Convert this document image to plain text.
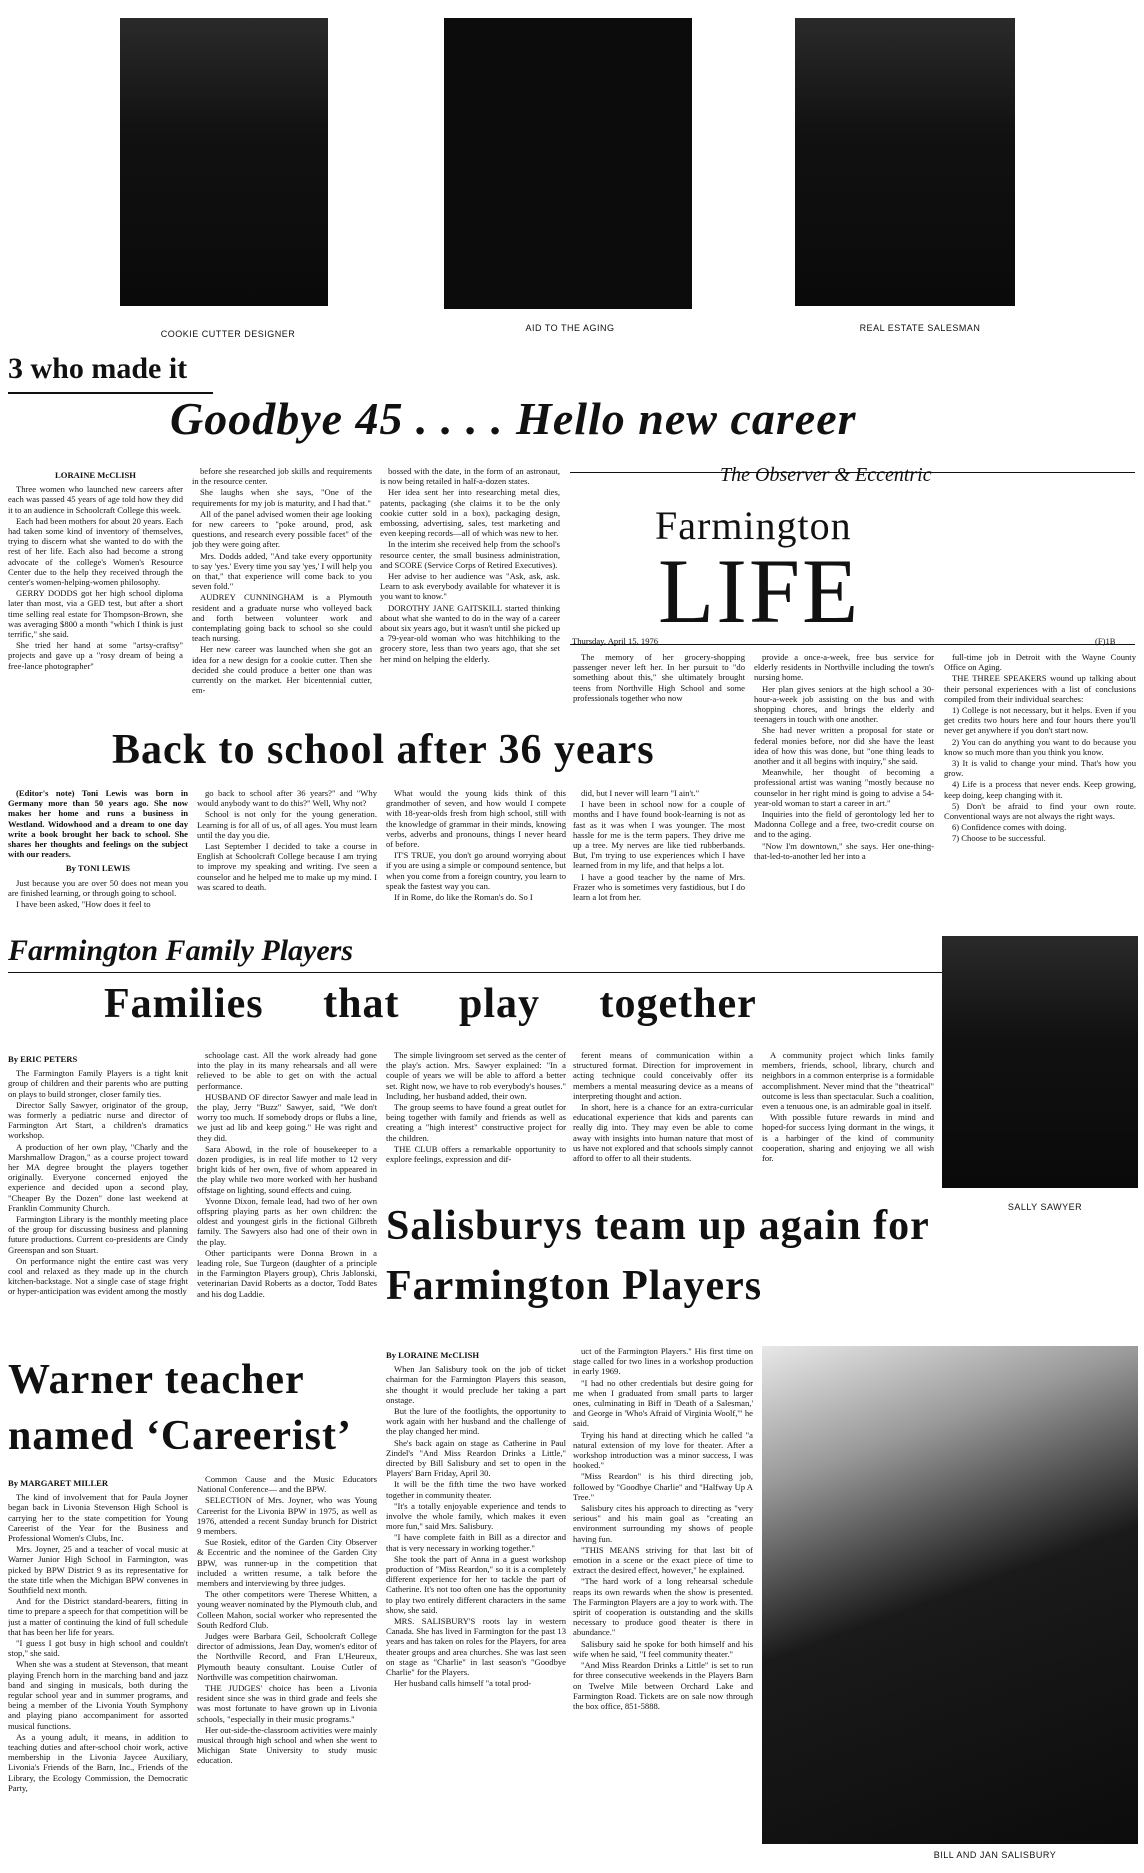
COOKIE CUTTER DESIGNER
AID TO THE AGING	REAL ESTATE SALESMAN
3 who made it
Goodbye 45 . . . . Hello new career
LORAINE McCLISH

Three women who launched new careers after each was passed 45 years of age told how they did it to an audience in Schoolcraft College this week.

Each had been mothers for about 20 years. Each had taken some kind of inventory of themselves, trying to discern what she wanted to do with the rest of her life. Each also had become a strong advocate of the college's Women's Resource Center due to the help they received through the center's women-helping-women philosophy.

GERRY DODDS got her high school diploma later than most, via a GED test, but after a short time selling real estate for Thompson-Brown, she was averaging $800 a month "which I think is just terrific," she said.

She tried her hand at some "artsy-craftsy" projects and gave up a "rosy dream of being a free-lance photographer"

before she researched job skills and requirements in the resource center.

She laughs when she says, "One of the requirements for my job is maturity, and I had that."

All of the panel advised women their age looking for new careers to "poke around, prod, ask questions, and research every possible facet" of the job they were going after.

Mrs. Dodds added, "And take every opportunity to say 'yes.' Every time you say 'yes,' I will help you on that," that experience will come back to you seven fold."

AUDREY CUNNINGHAM is a Plymouth resident and a graduate nurse who volleyed back and forth between volunteer work and contemplating going back to school so she could teach nursing.

Her new career was launched when she got an idea for a new design for a cookie cutter. Then she decided she could produce a better one than was currently on the market. Her bicentennial cutter, em-

bossed with the date, in the form of an astronaut, is now being retailed in half-a-dozen states.

Her idea sent her into researching metal dies, patents, packaging (she claims it to be the only cookie cutter sold in a box), packaging design, embossing, advertising, sales, test marketing and even keeping records—all of which was new to her.

In the interim she received help from the school's resource center, the small business administration, and SCORE (Service Corps of Retired Executives).

Her advise to her audience was "Ask, ask, ask. Learn to ask everybody available for whatever it is you want to know."

DOROTHY JANE GAITSKILL started thinking about what she wanted to do in the way of a career about six years ago, but it wasn't until she picked up a 79-year-old woman who was hitchhiking to the grocery store, less than two years ago, that she set her mind on helping the elderly.

The Observer & Eccentric
Farmington
LIFE
Thursday, April 15, 1976	(F)1B

The memory of her grocery-shopping passenger never left her. In her pursuit to "do something about this," she ultimately brought teens from Northville High School and some professionals together who now

provide a once-a-week, free bus service for elderly residents in Northville including the town's nursing home.

Her plan gives seniors at the high school a 30-hour-a-week job assisting on the bus and with shopping chores, and brings the elderly and teenagers in touch with one another.

She had never written a proposal for state or federal monies before, nor did she have the least idea of how this was done, but "one thing leads to another and it all begins with inquiry," she said.

Meanwhile, her thought of becoming a professional artist was waning "mostly because no counselor in her right mind is going to advise a 54-year-old woman to start a career in art."

Inquiries into the field of gerontology led her to Madonna College and a free, two-credit course on and to the aging.

"Now I'm downtown," she says. Her one-thing-that-led-to-another led her into a

full-time job in Detroit with the Wayne County Office on Aging.

THE THREE SPEAKERS wound up talking about their personal experiences with a list of conclusions compiled from their individual searches:

1) College is not necessary, but it helps. Even if you get credits two hours here and four hours there you'll never get anywhere if you don't start now.

2) You can do anything you want to do because you know so much more than you think you know.

3) It is valid to change your mind. That's how you grow.

4) Life is a process that never ends. Keep growing, keep doing, keep changing with it.

5) Don't be afraid to find your own route. Conventional ways are not always the right ways.

6) Confidence comes with doing.

7) Choose to be successful.

Back to school after 36 years

(Editor's note) Toni Lewis was born in Germany more than 50 years ago. She now makes her home and runs a business in Westland. Widowhood and a dream to one day write a book brought her back to school. She shares her thoughts and feelings on the subject with our readers.

By TONI LEWIS

Just because you are over 50 does not mean you are finished learning, or through going to school.

I have been asked, "How does it feel to

go back to school after 36 years?" and "Why would anybody want to do this?" Well, Why not?

School is not only for the young generation. Learning is for all of us, of all ages. You must learn until the day you die.

Last September I decided to take a course in English at Schoolcraft College because I am trying to improve my speaking and writing. I've seen a counselor and he helped me to make up my mind. I was scared to death.

What would the young kids think of this grandmother of seven, and how would I compete with 18-year-olds fresh from high school, still with the knowledge of grammar in their minds, knowing verbs, adverbs and pronouns, things I never heard of before.

IT'S TRUE, you don't go around worrying about if you are using a simple or compound sentence, but when you come from a foreign country, you learn to speak the fastest way you can.

If in Rome, do like the Roman's do. So I

did, but I never will learn "I ain't."

I have been in school now for a couple of months and I have found book-learning is not as fast as it was when I was younger. The most hassle for me is the term papers. They drive me up a tree. My nerves are like tied rubberbands. But, I'm trying to use experiences which I have learned from in my life, and that helps a lot.

I have a good teacher by the name of Mrs. Frazer who is sometimes very fastidious, but I do learn a lot from her.

Farmington Family Players
Families that play together
SALLY SAWYER
By ERIC PETERS

The Farmington Family Players is a tight knit group of children and their parents who are putting on plays to build stronger, closer family ties.

Director Sally Sawyer, originator of the group, was formerly a pediatric nurse and director of Farmington Art Start, a children's dramatics workshop.

A production of her own play, "Charly and the Marshmallow Dragon," as a course project toward her MA degree brought the players together originally. Everyone concerned enjoyed the experience and decided upon a second play, "Cheaper By the Dozen" done last weekend at Franklin Community Church.

Farmington Library is the monthly meeting place of the group for discussing business and planning future productions. Current co-presidents are Cindy Greenspan and son Stuart.

On performance night the entire cast was very cool and relaxed as they made up in the church kitchen-backstage. Not a single case of stage fright or hyper-anticipation was evident among the mostly

schoolage cast. All the work already had gone into the play in its many rehearsals and all were relieved to be able to get on with the actual performance.

HUSBAND OF director Sawyer and male lead in the play, Jerry "Buzz" Sawyer, said, "We don't worry too much. If somebody drops or flubs a line, we just ad lib and keep going." He was right and they did.

Sara Abowd, in the role of housekeeper to a dozen prodigies, is in real life mother to 12 very bright kids of her own, five of whom appeared in the play while two more worked with her husband offstage on lighting, sound effects and cuing.

Yvonne Dixon, female lead, had two of her own offspring playing parts as her own children: the oldest and youngest girls in the fictional Gilbreth family. The Sawyers also had one of their own in the play.

Other participants were Donna Brown in a leading role, Sue Turgeon (daughter of a principle in the Farmington Players group), Chris Jablonski, veterinarian David Roberts as a doctor, Todd Bates and his dog Laddie.

The simple livingroom set served as the center of the play's action. Mrs. Sawyer explained: "In a couple of years we will be able to afford a better set. Right now, we have to rob everybody's houses." Including, her husband added, their own.

The group seems to have found a great outlet for being together with family and friends as well as creating a "high interest" constructive project for the children.

THE CLUB offers a remarkable opportunity to explore feelings, expression and dif-

ferent means of communication within a structured format. Direction for improvement in acting technique could conceivably offer its members a mental measuring device as a means of interpreting thought and action.

In short, here is a chance for an extra-curricular educational experience that kids and parents can really dig into. They may even be able to come away with insights into human nature that most of us have not explored and that schools simply cannot afford to offer to all their students.

A community project which links family members, friends, school, library, church and neighbors in a common enterprise is a formidable accomplishment. Never mind that the "theatrical" outcome is less than spectacular. Such a coalition, even a tenuous one, is an admirable goal in itself.

With possible future rewards in mind and hoped-for success lying dormant in the wings, it is a harbinger of the kind of community cooperation, sharing and enjoying we all wish for.

Salisburys team up again for Farmington Players
By LORAINE McCLISH

When Jan Salisbury took on the job of ticket chairman for the Farmington Players this season, she thought it would preclude her taking a part onstage.

But the lure of the footlights, the opportunity to work again with her husband and the challenge of the play changed her mind.

She's back again on stage as Catherine in Paul Zindel's "And Miss Reardon Drinks a Little," directed by Bill Salisbury and set to open in the Players' Barn Friday, April 30.

It will be the fifth time the two have worked together in community theater.

"It's a totally enjoyable experience and tends to involve the whole family, which makes it even more fun," said Mrs. Salisbury.

"I have complete faith in Bill as a director and that is very necessary in working together."

She took the part of Anna in a guest workshop production of "Miss Reardon," so it is a completely different experience for her to tackle the part of Catherine. It's not too often one has the opportunity to play two entirely different characters in the same show, she said.

MRS. SALISBURY'S roots lay in western Canada. She has lived in Farmington for the past 13 years and has taken on roles for the Players, for area theater groups and area churches. She was last seen on stage as "Charlie" in last season's "Goodbye Charlie" for the Players.

Her husband calls himself "a total prod-

uct of the Farmington Players." His first time on stage called for two lines in a workshop production in early 1969.

"I had no other credentials but desire going for me when I graduated from small parts to larger ones, culminating in Biff in 'Death of a Salesman,' and George in 'Who's Afraid of Virginia Woolf,'" he said.

Trying his hand at directing which he called "a natural extension of my love for theater. After a workshop introduction was a minor success, I was hooked."

"Miss Reardon" is his third directing job, followed by "Goodbye Charlie" and "Halfway Up A Tree."

Salisbury cites his approach to directing as "very serious" and his main goal as "creating an environment surrounding my shows of people having fun.

"THIS MEANS striving for that last bit of emotion in a scene or the exact piece of time to extract the desired effect, however," he explained.

"The hard work of a long rehearsal schedule reaps its own rewards when the show is presented. The Farmington Players are a joy to work with. The spirit of cooperation is outstanding and the skills necessary to produce good theater is there in abundance."

Salisbury said he spoke for both himself and his wife when he said, "I feel community theater."

"And Miss Reardon Drinks a Little" is set to run for three consecutive weekends in the Players Barn on Twelve Mile between Orchard Lake and Farmington Road. Tickets are on sale now through the box office, 851-5888.

BILL AND JAN SALISBURY
Warner teacher named ‘Careerist’
By MARGARET MILLER

The kind of involvement that for Paula Joyner began back in Livonia Stevenson High School is carrying her to the state competition for Young Careerist of the Year for the Business and Professional Women's Clubs, Inc.

Mrs. Joyner, 25 and a teacher of vocal music at Warner Junior High School in Farmington, was picked by BPW District 9 as its representative for the state title when the Michigan BPW convenes in Southfield next month.

And for the District standard-bearers, fitting in time to prepare a speech for that competition will be just a matter of continuing the kind of full schedule that has been her life for years.

"I guess I got busy in high school and couldn't stop," she said.

When she was a student at Stevenson, that meant playing French horn in the marching band and jazz band and singing in musicals, both during the regular school year and in summer programs, and being a member of the Livonia Youth Symphony and playing piano accompaniment for assorted musical functions.

As a young adult, it means, in addition to teaching duties and after-school choir work, active membership in the Livonia Jaycee Auxiliary, Livonia's Friends of the Barn, Inc., Friends of the Library, the Ecology Commission, the Democratic Party,

Common Cause and the Music Educators National Conference— and the BPW.

SELECTION of Mrs. Joyner, who was Young Careerist for the Livonia BPW in 1975, as well as 1976, attended a recent Sunday brunch for District 9 members.

Sue Rosiek, editor of the Garden City Observer & Eccentric and the nominee of the Garden City BPW, was runner-up in the competition that included a written resume, a talk before the members and interviewing by three judges.

The other competitors were Therese Whitten, a young weaver nominated by the Plymouth club, and Colleen Mahon, social worker who represented the South Redford Club.

Judges were Barbara Geil, Schoolcraft College director of admissions, Jean Day, women's editor of the Northville Record, and Fran L'Heureux, Plymouth beauty consultant. Louise Cutler of Northville was competition chairwoman.

THE JUDGES' choice has been a Livonia resident since she was in third grade and feels she was most fortunate to have grown up in Livonia schools, "especially in their music programs."

Her out-side-the-classroom activities were mainly musical through high school and when she went to Michigan State University to study music education.
